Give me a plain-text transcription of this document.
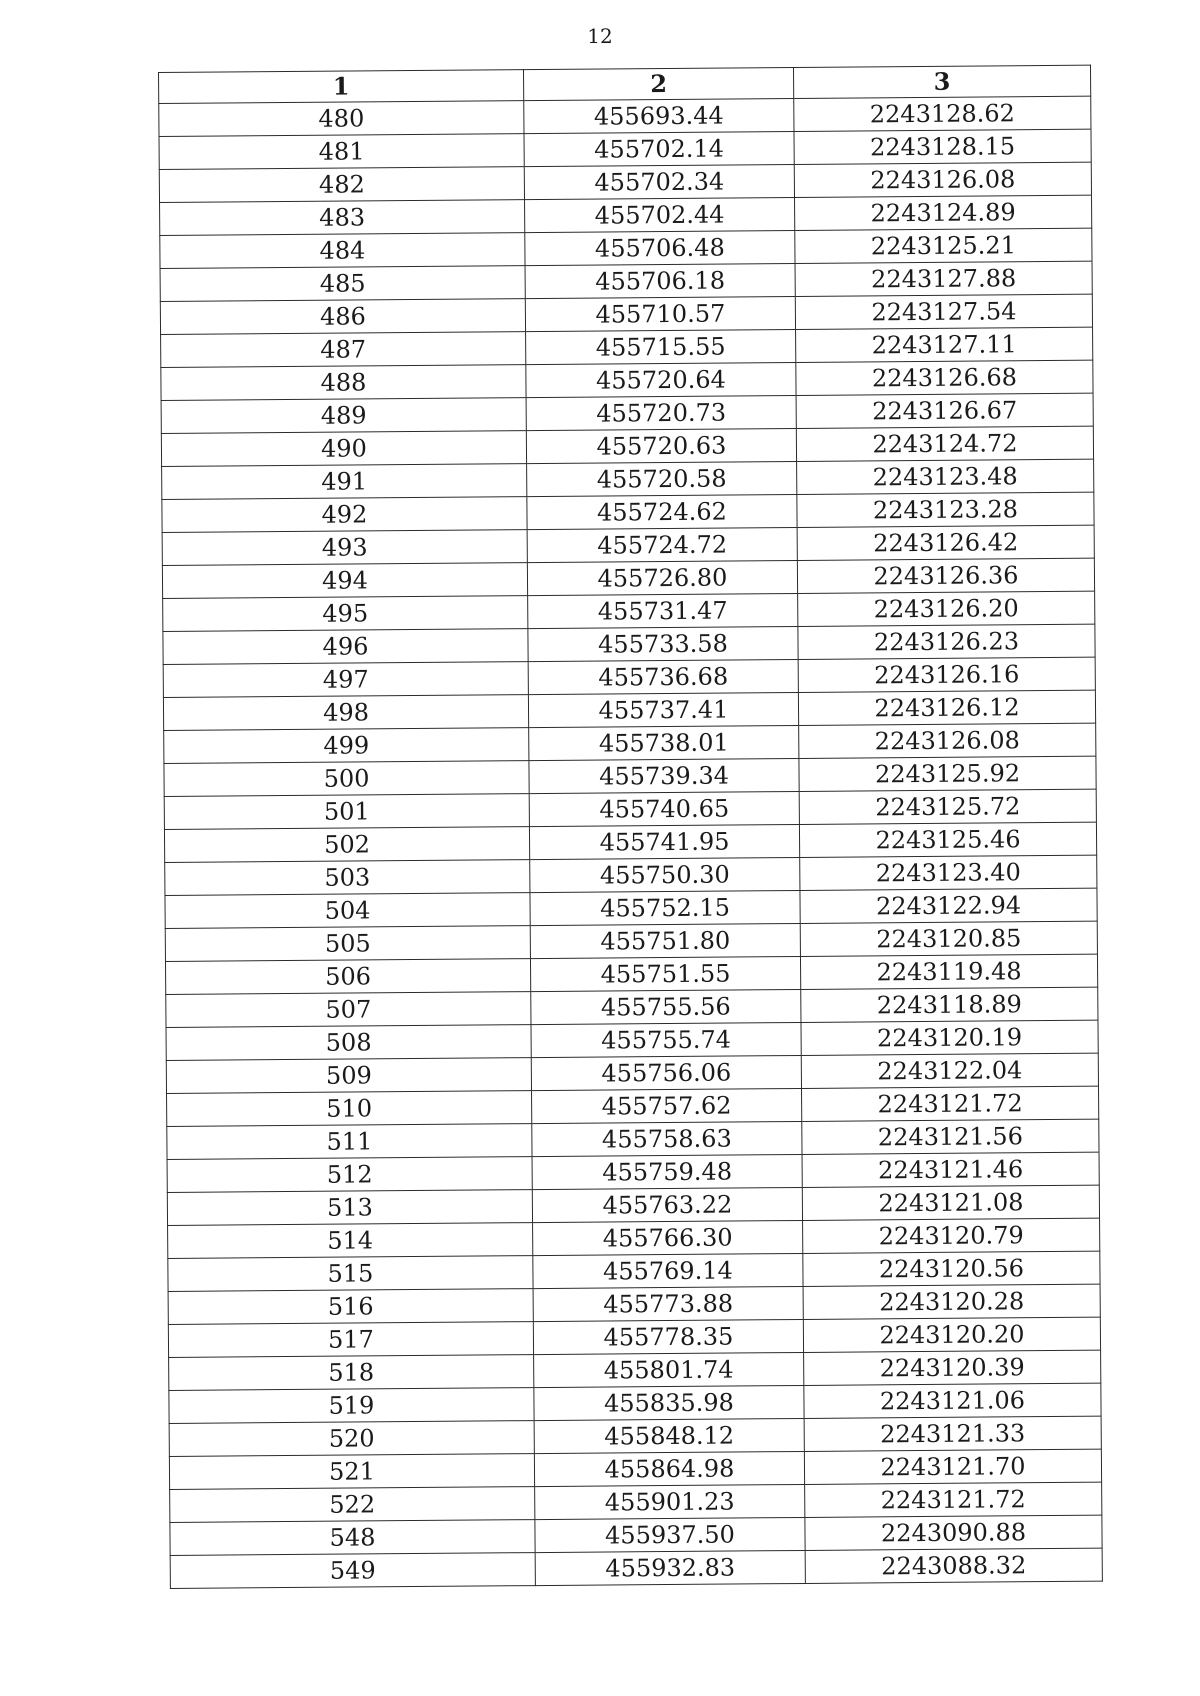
12
1	2	3
480	455693.44	2243128.62
481	455702.14	2243128.15
482	455702.34	2243126.08
483	455702.44	2243124.89
484	455706.48	2243125.21
485	455706.18	2243127.88
486	455710.57	2243127.54
487	455715.55	2243127.11
488	455720.64	2243126.68
489	455720.73	2243126.67
490	455720.63	2243124.72
491	455720.58	2243123.48
492	455724.62	2243123.28
493	455724.72	2243126.42
494	455726.80	2243126.36
495	455731.47	2243126.20
496	455733.58	2243126.23
497	455736.68	2243126.16
498	455737.41	2243126.12
499	455738.01	2243126.08
500	455739.34	2243125.92
501	455740.65	2243125.72
502	455741.95	2243125.46
503	455750.30	2243123.40
504	455752.15	2243122.94
505	455751.80	2243120.85
506	455751.55	2243119.48
507	455755.56	2243118.89
508	455755.74	2243120.19
509	455756.06	2243122.04
510	455757.62	2243121.72
511	455758.63	2243121.56
512	455759.48	2243121.46
513	455763.22	2243121.08
514	455766.30	2243120.79
515	455769.14	2243120.56
516	455773.88	2243120.28
517	455778.35	2243120.20
518	455801.74	2243120.39
519	455835.98	2243121.06
520	455848.12	2243121.33
521	455864.98	2243121.70
522	455901.23	2243121.72
548	455937.50	2243090.88
549	455932.83	2243088.32
